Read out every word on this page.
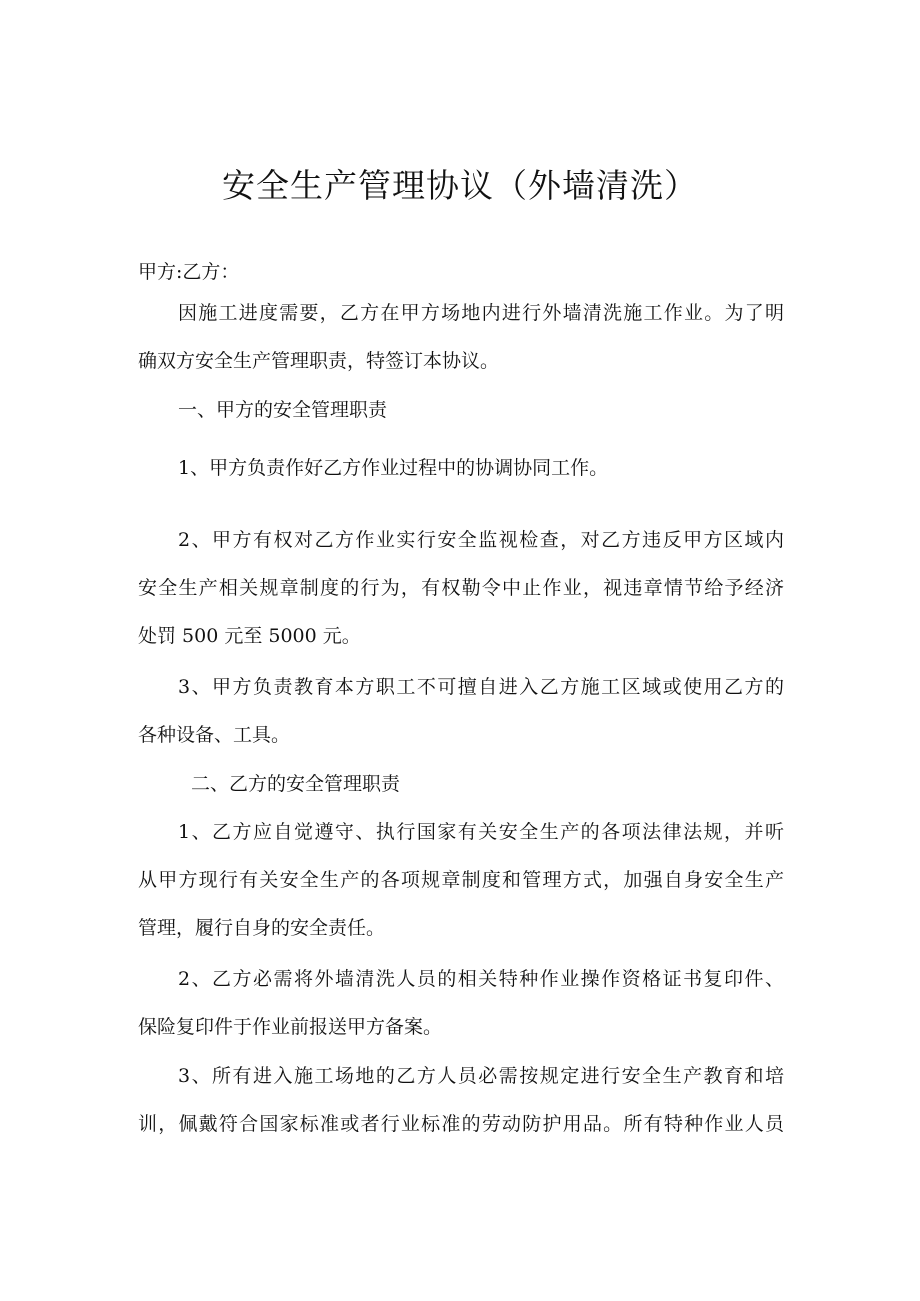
安全生产管理协议（外墙清洗）
甲方:乙方：
因施工进度需要，乙方在甲方场地内进行外墙清洗施工作业。为了明
确双方安全生产管理职责，特签订本协议。
一、甲方的安全管理职责
1、甲方负责作好乙方作业过程中的协调协同工作。
2、甲方有权对乙方作业实行安全监视检查，对乙方违反甲方区域内
安全生产相关规章制度的行为，有权勒令中止作业，视违章情节给予经济
处罚 500 元至 5000 元。
3、甲方负责教育本方职工不可擅自进入乙方施工区域或使用乙方的
各种设备、工具。
二、乙方的安全管理职责
1、乙方应自觉遵守、执行国家有关安全生产的各项法律法规，并听
从甲方现行有关安全生产的各项规章制度和管理方式，加强自身安全生产
管理，履行自身的安全责任。
2、乙方必需将外墙清洗人员的相关特种作业操作资格证书复印件、
保险复印件于作业前报送甲方备案。
3、所有进入施工场地的乙方人员必需按规定进行安全生产教育和培
训，佩戴符合国家标准或者行业标准的劳动防护用品。所有特种作业人员
